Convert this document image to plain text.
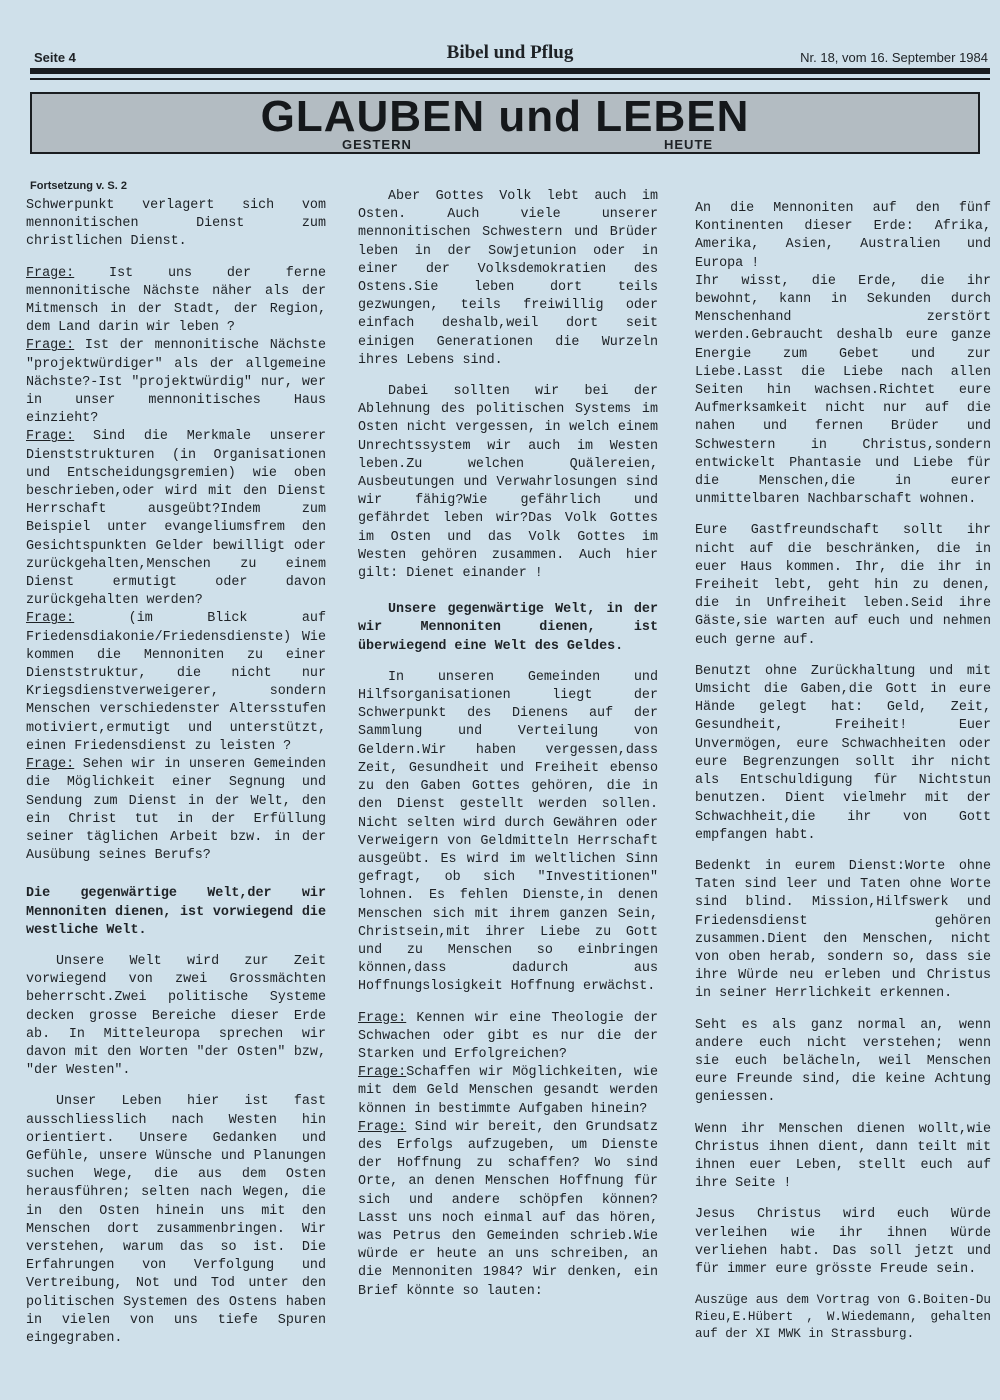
Seite 4	Bibel und Pflug	Nr. 18, vom 16. September 1984
GLAUBEN und LEBEN
GESTERN	HEUTE
Fortsetzung v. S. 2

Schwerpunkt verlagert sich vom mennonitischen Dienst zum christlichen Dienst.

Frage: Ist uns der ferne mennonitische Nächste näher als der Mitmensch in der Stadt, der Region, dem Land darin wir leben ?

Frage: Ist der mennonitische Nächste "projektwürdiger" als der allgemeine Nächste?-Ist "projektwürdig" nur, wer in unser mennonitisches Haus einzieht?

Frage: Sind die Merkmale unserer Dienststrukturen (in Organisationen und Entscheidungsgremien) wie oben beschrieben,oder wird mit den Dienst Herrschaft ausgeübt?Indem zum Beispiel unter evangeliumsfrem den Gesichtspunkten Gelder bewilligt oder zurückgehalten,Menschen zu einem Dienst ermutigt oder davon zurückgehalten werden?

Frage: (im Blick auf Friedensdiakonie/Friedensdienste) Wie kommen die Mennoniten zu einer Dienststruktur, die nicht nur Kriegsdienstverweigerer, sondern Menschen verschiedenster Altersstufen motiviert,ermutigt und unterstützt, einen Friedensdienst zu leisten ?

Frage: Sehen wir in unseren Gemeinden die Möglichkeit einer Segnung und Sendung zum Dienst in der Welt, den ein Christ tut in der Erfüllung seiner täglichen Arbeit bzw. in der Ausübung seines Berufs?

Die gegenwärtige Welt,der wir Mennoniten dienen, ist vorwiegend die westliche Welt.

Unsere Welt wird zur Zeit vorwiegend von zwei Grossmächten beherrscht.Zwei politische Systeme decken grosse Bereiche dieser Erde ab. In Mitteleuropa sprechen wir davon mit den Worten "der Osten" bzw, "der Westen".

Unser Leben hier ist fast ausschliesslich nach Westen hin orientiert. Unsere Gedanken und Gefühle, unsere Wünsche und Planungen suchen Wege, die aus dem Osten herausführen; selten nach Wegen, die in den Osten hinein uns mit den Menschen dort zusammenbringen. Wir verstehen, warum das so ist. Die Erfahrungen von Verfolgung und Vertreibung, Not und Tod unter den politischen Systemen des Ostens haben in vielen von uns tiefe Spuren eingegraben.

Aber Gottes Volk lebt auch im Osten. Auch viele unserer mennonitischen Schwestern und Brüder leben in der Sowjetunion oder in einer der Volksdemokratien des Ostens.Sie leben dort teils gezwungen, teils freiwillig oder einfach deshalb,weil dort seit einigen Generationen die Wurzeln ihres Lebens sind.

Dabei sollten wir bei der Ablehnung des politischen Systems im Osten nicht vergessen, in welch einem Unrechtssystem wir auch im Westen leben.Zu welchen Quälereien, Ausbeutungen und Verwahrlosungen sind wir fähig?Wie gefährlich und gefährdet leben wir?Das Volk Gottes im Osten und das Volk Gottes im Westen gehören zusammen. Auch hier gilt: Dienet einander !

Unsere gegenwärtige Welt, in der wir Mennoniten dienen, ist überwiegend eine Welt des Geldes.

In unseren Gemeinden und Hilfsorganisationen liegt der Schwerpunkt des Dienens auf der Sammlung und Verteilung von Geldern.Wir haben vergessen,dass Zeit, Gesundheit und Freiheit ebenso zu den Gaben Gottes gehören, die in den Dienst gestellt werden sollen. Nicht selten wird durch Gewähren oder Verweigern von Geldmitteln Herrschaft ausgeübt. Es wird im weltlichen Sinn gefragt, ob sich "Investitionen" lohnen. Es fehlen Dienste,in denen Menschen sich mit ihrem ganzen Sein, Christsein,mit ihrer Liebe zu Gott und zu Menschen so einbringen können,dass dadurch aus Hoffnungslosigkeit Hoffnung erwächst.

Frage: Kennen wir eine Theologie der Schwachen oder gibt es nur die der Starken und Erfolgreichen?

Frage:Schaffen wir Möglichkeiten, wie mit dem Geld Menschen gesandt werden können in bestimmte Aufgaben hinein?

Frage: Sind wir bereit, den Grundsatz des Erfolgs aufzugeben, um Dienste der Hoffnung zu schaffen? Wo sind Orte, an denen Menschen Hoffnung für sich und andere schöpfen können? Lasst uns noch einmal auf das hören, was Petrus den Gemeinden schrieb.Wie würde er heute an uns schreiben, an die Mennoniten 1984? Wir denken, ein Brief könnte so lauten:

An die Mennoniten auf den fünf Kontinenten dieser Erde: Afrika, Amerika, Asien, Australien und Europa !

Ihr wisst, die Erde, die ihr bewohnt, kann in Sekunden durch Menschenhand zerstört werden.Gebraucht deshalb eure ganze Energie zum Gebet und zur Liebe.Lasst die Liebe nach allen Seiten hin wachsen.Richtet eure Aufmerksamkeit nicht nur auf die nahen und fernen Brüder und Schwestern in Christus,sondern entwickelt Phantasie und Liebe für die Menschen,die in eurer unmittelbaren Nachbarschaft wohnen.

Eure Gastfreundschaft sollt ihr nicht auf die beschränken, die in euer Haus kommen. Ihr, die ihr in Freiheit lebt, geht hin zu denen, die in Unfreiheit leben.Seid ihre Gäste,sie warten auf euch und nehmen euch gerne auf.

Benutzt ohne Zurückhaltung und mit Umsicht die Gaben,die Gott in eure Hände gelegt hat: Geld, Zeit, Gesundheit, Freiheit! Euer Unvermögen, eure Schwachheiten oder eure Begrenzungen sollt ihr nicht als Entschuldigung für Nichtstun benutzen. Dient vielmehr mit der Schwachheit,die ihr von Gott empfangen habt.

Bedenkt in eurem Dienst:Worte ohne Taten sind leer und Taten ohne Worte sind blind. Mission,Hilfswerk und Friedensdienst gehören zusammen.Dient den Menschen, nicht von oben herab, sondern so, dass sie ihre Würde neu erleben und Christus in seiner Herrlichkeit erkennen.

Seht es als ganz normal an, wenn andere euch nicht verstehen; wenn sie euch belächeln, weil Menschen eure Freunde sind, die keine Achtung geniessen.

Wenn ihr Menschen dienen wollt,wie Christus ihnen dient, dann teilt mit ihnen euer Leben, stellt euch auf ihre Seite !

Jesus Christus wird euch Würde verleihen wie ihr ihnen Würde verliehen habt. Das soll jetzt und für immer eure grösste Freude sein.

Auszüge aus dem Vortrag von G.Boiten-Du Rieu,E.Hübert , W.Wiedemann, gehalten auf der XI MWK in Strassburg.
